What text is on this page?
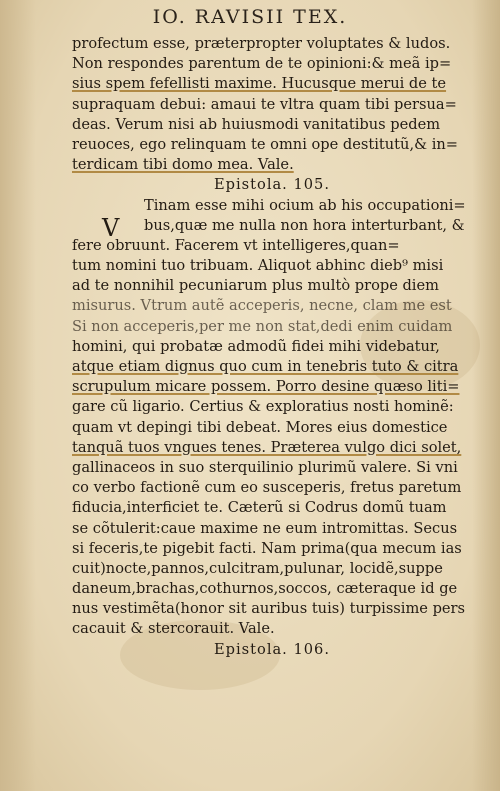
IO. RAVISII TEX.
profectum esse, præterpropter voluptates & ludos.
Non respondes parentum de te opinioni:& meã ip=
sius spem fefellisti maxime. Hucusque merui de te
supraquam debui: amaui te vltra quam tibi persua=
deas. Verum nisi ab huiusmodi vanitatibus pedem
reuoces, ego relinquam te omni ope destitutũ,& in=
terdicam tibi domo mea. Vale.
Epistola. 105.
Tinam esse mihi ocium ab his occupationi=
V	bus,quæ me nulla non hora interturbant, &
fere obruunt. Facerem vt intelligeres,quan=
tum nomini tuo tribuam. Aliquot abhinc dieb⁹ misi
ad te nonnihil pecuniarum plus multò prope diem
misurus. Vtrum autẽ acceperis, necne, clam me est
Si non acceperis,per me non stat,dedi enim cuidam
homini, qui probatæ admodũ fidei mihi videbatur,
atque etiam dignus quo cum in tenebris tuto & citra
scrupulum micare possem. Porro desine quæso liti=
gare cũ ligario. Certius & exploratius nosti hominẽ:
quam vt depingi tibi debeat. Mores eius domestice
tanquã tuos vngues tenes. Præterea vulgo dici solet,
gallinaceos in suo sterquilinio plurimũ valere. Si vni
co verbo factionẽ cum eo susceperis, fretus paretum
fiducia,interficiet te. Cæterũ si Codrus domũ tuam
se cõtulerit:caue maxime ne eum intromittas. Secus
si feceris,te pigebit facti. Nam prima(qua mecum ias
cuit)nocte,pannos,culcitram,pulunar, locidẽ,suppe
daneum,brachas,cothurnos,soccos, cæteraque id ge
nus vestimẽta(honor sit auribus tuis) turpissime pers
cacauit & stercorauit. Vale.
Epistola. 106.
